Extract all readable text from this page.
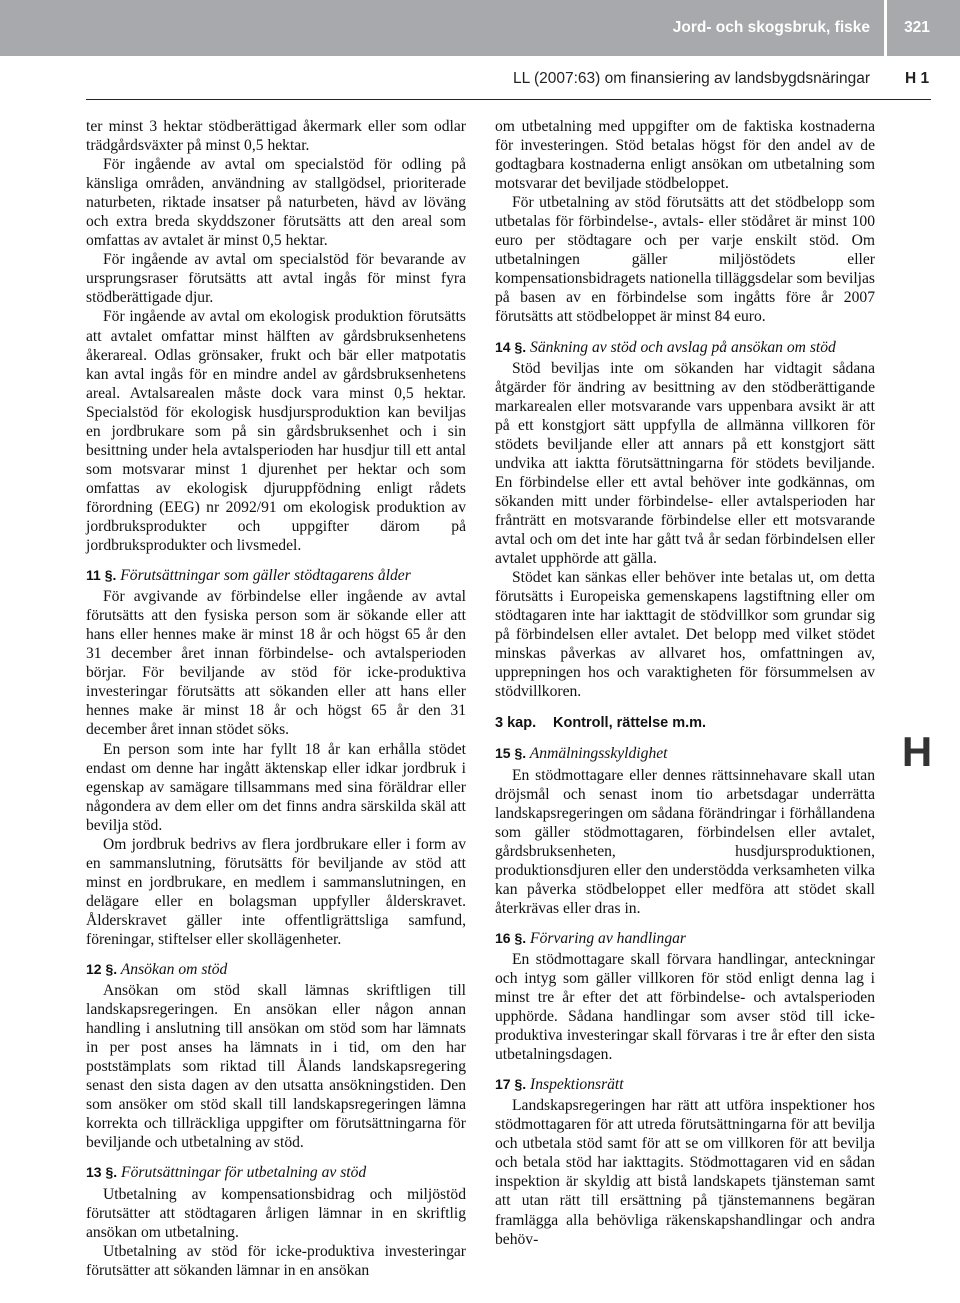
Jord- och skogsbruk, fiske	321
LL (2007:63) om finansiering av landsbygdsnäringar	H 1

ter minst 3 hektar stödberättigad åkermark eller som odlar trädgårdsväxter på minst 0,5 hektar.

För ingående av avtal om specialstöd för odling på känsliga områden, användning av stallgödsel, prioriterade naturbeten, riktade insatser på naturbeten, hävd av löväng och extra breda skyddszoner förutsätts att den areal som omfattas av avtalet är minst 0,5 hektar.

För ingående av avtal om specialstöd för bevarande av ursprungsraser förutsätts att avtal ingås för minst fyra stödberättigade djur.

För ingående av avtal om ekologisk produktion förutsätts att avtalet omfattar minst hälften av gårdsbruksenhetens åkerareal. Odlas grönsaker, frukt och bär eller matpotatis kan avtal ingås för en mindre andel av gårdsbruksenhetens areal. Avtalsarealen måste dock vara minst 0,5 hektar. Specialstöd för ekologisk husdjursproduktion kan beviljas en jordbrukare som på sin gårdsbruksenhet och i sin besittning under hela avtalsperioden har husdjur till ett antal som motsvarar minst 1 djurenhet per hektar och som omfattas av ekologisk djuruppfödning enligt rådets förordning (EEG) nr 2092/91 om ekologisk produktion av jordbruksprodukter och uppgifter därom på jordbruksprodukter och livsmedel.

11 §. Förutsättningar som gäller stödtagarens ålder

För avgivande av förbindelse eller ingående av avtal förutsätts att den fysiska person som är sökande eller att hans eller hennes make är minst 18 år och högst 65 år den 31 december året innan förbindelse- och avtalsperioden börjar. För beviljande av stöd för icke-produktiva investeringar förutsätts att sökanden eller att hans eller hennes make är minst 18 år och högst 65 år den 31 december året innan stödet söks.

En person som inte har fyllt 18 år kan erhålla stödet endast om denne har ingått äktenskap eller idkar jordbruk i egenskap av samägare tillsammans med sina föräldrar eller någondera av dem eller om det finns andra särskilda skäl att bevilja stöd.

Om jordbruk bedrivs av flera jordbrukare eller i form av en sammanslutning, förutsätts för beviljande av stöd att minst en jordbrukare, en medlem i sammanslutningen, en delägare eller en bolagsman uppfyller ålderskravet. Ålderskravet gäller inte offentligrättsliga samfund, föreningar, stiftelser eller skollägenheter.

12 §. Ansökan om stöd

Ansökan om stöd skall lämnas skriftligen till landskapsregeringen. En ansökan eller någon annan handling i anslutning till ansökan om stöd som har lämnats in per post anses ha lämnats in i tid, om den har poststämplats som riktad till Ålands landskapsregering senast den sista dagen av den utsatta ansökningstiden. Den som ansöker om stöd skall till landskapsregeringen lämna korrekta och tillräckliga uppgifter om förutsättningarna för beviljande och utbetalning av stöd.

13 §. Förutsättningar för utbetalning av stöd

Utbetalning av kompensationsbidrag och miljöstöd förutsätter att stödtagaren årligen lämnar in en skriftlig ansökan om utbetalning.

Utbetalning av stöd för icke-produktiva investeringar förutsätter att sökanden lämnar in en ansökan

om utbetalning med uppgifter om de faktiska kostnaderna för investeringen. Stöd betalas högst för den andel av de godtagbara kostnaderna enligt ansökan om utbetalning som motsvarar det beviljade stödbeloppet.

För utbetalning av stöd förutsätts att det stödbelopp som utbetalas för förbindelse-, avtals- eller stödåret är minst 100 euro per stödtagare och per varje enskilt stöd. Om utbetalningen gäller miljöstödets eller kompensationsbidragets nationella tilläggsdelar som beviljas på basen av en förbindelse som ingåtts före år 2007 förutsätts att stödbeloppet är minst 84 euro.

14 §. Sänkning av stöd och avslag på ansökan om stöd

Stöd beviljas inte om sökanden har vidtagit sådana åtgärder för ändring av besittning av den stödberättigande markarealen eller motsvarande vars uppenbara avsikt är att på ett konstgjort sätt uppfylla de allmänna villkoren för stödets beviljande eller att annars på ett konstgjort sätt undvika att iaktta förutsättningarna för stödets beviljande. En förbindelse eller ett avtal behöver inte godkännas, om sökanden mitt under förbindelse- eller avtalsperioden har frånträtt en motsvarande förbindelse eller ett motsvarande avtal och om det inte har gått två år sedan förbindelsen eller avtalet upphörde att gälla.

Stödet kan sänkas eller behöver inte betalas ut, om detta förutsätts i Europeiska gemenskapens lagstiftning eller om stödtagaren inte har iakttagit de stödvillkor som grundar sig på förbindelsen eller avtalet. Det belopp med vilket stödet minskas påverkas av allvaret hos, omfattningen av, upprepningen hos och varaktigheten för försummelsen av stödvillkoren.

3 kap. Kontroll, rättelse m.m.
15 §. Anmälningsskyldighet

En stödmottagare eller dennes rättsinnehavare skall utan dröjsmål och senast inom tio arbetsdagar underrätta landskapsregeringen om sådana förändringar i förhållandena som gäller stödmottagaren, förbindelsen eller avtalet, gårdsbruksenheten, husdjursproduktionen, produktionsdjuren eller den understödda verksamheten vilka kan påverka stödbeloppet eller medföra att stödet skall återkrävas eller dras in.

16 §. Förvaring av handlingar

En stödmottagare skall förvara handlingar, anteckningar och intyg som gäller villkoren för stöd enligt denna lag i minst tre år efter det att förbindelse- och avtalsperioden upphörde. Sådana handlingar som avser stöd till icke-produktiva investeringar skall förvaras i tre år efter den sista utbetalningsdagen.

17 §. Inspektionsrätt

Landskapsregeringen har rätt att utföra inspektioner hos stödmottagaren för att utreda förutsättningarna för att bevilja och utbetala stöd samt för att se om villkoren för att bevilja och betala stöd har iakttagits. Stödmottagaren vid en sådan inspektion är skyldig att bistå landskapets tjänsteman samt att utan rätt till ersättning på tjänstemannens begäran framlägga alla behövliga räkenskapshandlingar och andra behöv-

H
